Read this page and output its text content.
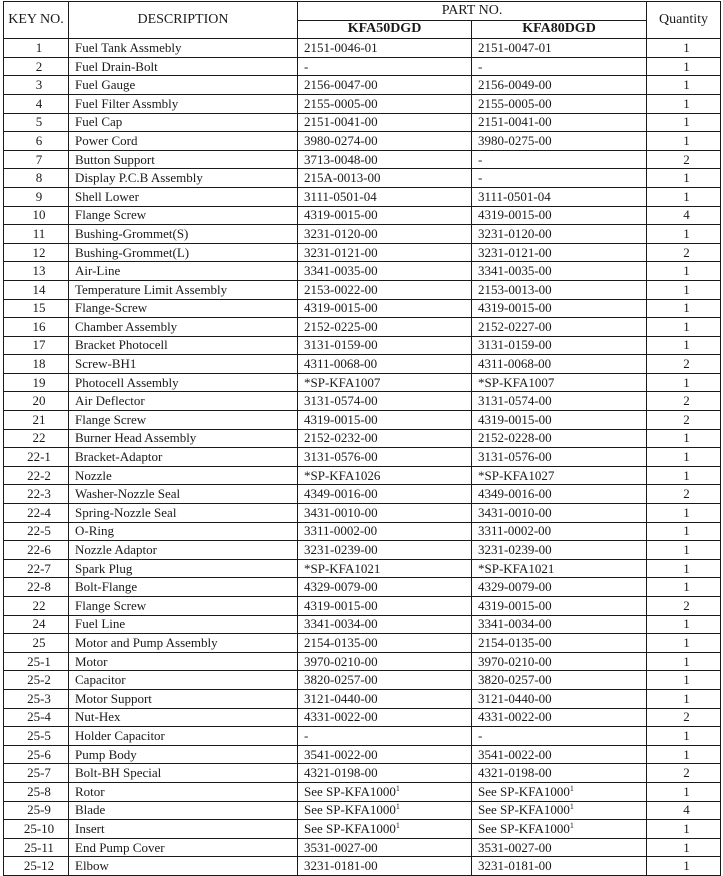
KEY NO.	DESCRIPTION	PART NO.		Quantity
		KFA50DGD	KFA80DGD	
1	Fuel Tank Assmebly	2151-0046-01	2151-0047-01	1
2	Fuel Drain-Bolt	-	-	1
3	Fuel Gauge	2156-0047-00	2156-0049-00	1
4	Fuel Filter Assmbly	2155-0005-00	2155-0005-00	1
5	Fuel Cap	2151-0041-00	2151-0041-00	1
6	Power Cord	3980-0274-00	3980-0275-00	1
7	Button Support	3713-0048-00	-	2
8	Display P.C.B Assembly	215A-0013-00	-	1
9	Shell Lower	3111-0501-04	3111-0501-04	1
10	Flange Screw	4319-0015-00	4319-0015-00	4
11	Bushing-Grommet(S)	3231-0120-00	3231-0120-00	1
12	Bushing-Grommet(L)	3231-0121-00	3231-0121-00	2
13	Air-Line	3341-0035-00	3341-0035-00	1
14	Temperature Limit Assembly	2153-0022-00	2153-0013-00	1
15	Flange-Screw	4319-0015-00	4319-0015-00	1
16	Chamber Assembly	2152-0225-00	2152-0227-00	1
17	Bracket Photocell	3131-0159-00	3131-0159-00	1
18	Screw-BH1	4311-0068-00	4311-0068-00	2
19	Photocell Assembly	*SP-KFA1007	*SP-KFA1007	1
20	Air Deflector	3131-0574-00	3131-0574-00	2
21	Flange Screw	4319-0015-00	4319-0015-00	2
22	Burner Head Assembly	2152-0232-00	2152-0228-00	1
22-1	Bracket-Adaptor	3131-0576-00	3131-0576-00	1
22-2	Nozzle	*SP-KFA1026	*SP-KFA1027	1
22-3	Washer-Nozzle Seal	4349-0016-00	4349-0016-00	2
22-4	Spring-Nozzle Seal	3431-0010-00	3431-0010-00	1
22-5	O-Ring	3311-0002-00	3311-0002-00	1
22-6	Nozzle Adaptor	3231-0239-00	3231-0239-00	1
22-7	Spark Plug	*SP-KFA1021	*SP-KFA1021	1
22-8	Bolt-Flange	4329-0079-00	4329-0079-00	1
22	Flange Screw	4319-0015-00	4319-0015-00	2
24	Fuel Line	3341-0034-00	3341-0034-00	1
25	Motor and Pump Assembly	2154-0135-00	2154-0135-00	1
25-1	Motor	3970-0210-00	3970-0210-00	1
25-2	Capacitor	3820-0257-00	3820-0257-00	1
25-3	Motor Support	3121-0440-00	3121-0440-00	1
25-4	Nut-Hex	4331-0022-00	4331-0022-00	2
25-5	Holder Capacitor	-	-	1
25-6	Pump Body	3541-0022-00	3541-0022-00	1
25-7	Bolt-BH Special	4321-0198-00	4321-0198-00	2
25-8	Rotor	See SP-KFA1000$^1$	See SP-KFA1000$^1$	1
25-9	Blade	See SP-KFA1000$^1$	See SP-KFA1000$^1$	4
25-10	Insert	See SP-KFA1000$^1$	See SP-KFA1000$^1$	1
25-11	End Pump Cover	3531-0027-00	3531-0027-00	1
25-12	Elbow	3231-0181-00	3231-0181-00	1
